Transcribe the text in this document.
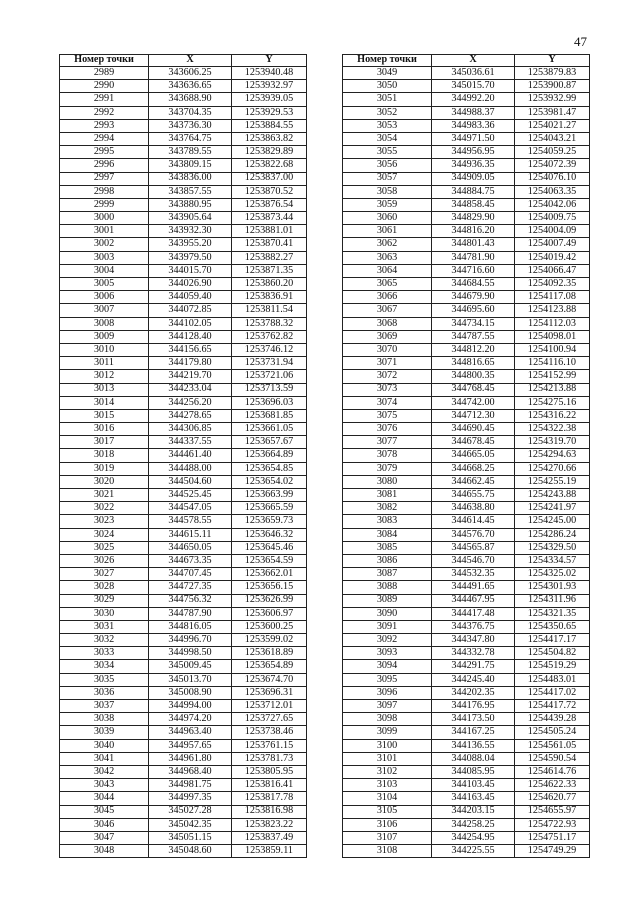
47
Номер точки	X	Y
2989	343606.25	1253940.48
2990	343636.65	1253932.97
2991	343688.90	1253939.05
2992	343704.35	1253929.53
2993	343736.30	1253884.55
2994	343764.75	1253863.82
2995	343789.55	1253829.89
2996	343809.15	1253822.68
2997	343836.00	1253837.00
2998	343857.55	1253870.52
2999	343880.95	1253876.54
3000	343905.64	1253873.44
3001	343932.30	1253881.01
3002	343955.20	1253870.41
3003	343979.50	1253882.27
3004	344015.70	1253871.35
3005	344026.90	1253860.20
3006	344059.40	1253836.91
3007	344072.85	1253811.54
3008	344102.05	1253788.32
3009	344128.40	1253762.82
3010	344156.65	1253746.12
3011	344179.80	1253731.94
3012	344219.70	1253721.06
3013	344233.04	1253713.59
3014	344256.20	1253696.03
3015	344278.65	1253681.85
3016	344306.85	1253661.05
3017	344337.55	1253657.67
3018	344461.40	1253664.89
3019	344488.00	1253654.85
3020	344504.60	1253654.02
3021	344525.45	1253663.99
3022	344547.05	1253665.59
3023	344578.55	1253659.73
3024	344615.11	1253646.32
3025	344650.05	1253645.46
3026	344673.35	1253654.59
3027	344707.45	1253662.01
3028	344727.35	1253656.15
3029	344756.32	1253626.99
3030	344787.90	1253606.97
3031	344816.05	1253600.25
3032	344996.70	1253599.02
3033	344998.50	1253618.89
3034	345009.45	1253654.89
3035	345013.70	1253674.70
3036	345008.90	1253696.31
3037	344994.00	1253712.01
3038	344974.20	1253727.65
3039	344963.40	1253738.46
3040	344957.65	1253761.15
3041	344961.80	1253781.73
3042	344968.40	1253805.95
3043	344981.75	1253816.41
3044	344997.35	1253817.78
3045	345027.28	1253816.98
3046	345042.35	1253823.22
3047	345051.15	1253837.49
3048	345048.60	1253859.11
Номер точки	X	Y
3049	345036.61	1253879.83
3050	345015.70	1253900.87
3051	344992.20	1253932.99
3052	344988.37	1253981.47
3053	344983.36	1254021.27
3054	344971.50	1254043.21
3055	344956.95	1254059.25
3056	344936.35	1254072.39
3057	344909.05	1254076.10
3058	344884.75	1254063.35
3059	344858.45	1254042.06
3060	344829.90	1254009.75
3061	344816.20	1254004.09
3062	344801.43	1254007.49
3063	344781.90	1254019.42
3064	344716.60	1254066.47
3065	344684.55	1254092.35
3066	344679.90	1254117.08
3067	344695.60	1254123.88
3068	344734.15	1254112.03
3069	344787.55	1254098.01
3070	344812.20	1254100.94
3071	344816.65	1254116.10
3072	344800.35	1254152.99
3073	344768.45	1254213.88
3074	344742.00	1254275.16
3075	344712.30	1254316.22
3076	344690.45	1254322.38
3077	344678.45	1254319.70
3078	344665.05	1254294.63
3079	344668.25	1254270.66
3080	344662.45	1254255.19
3081	344655.75	1254243.88
3082	344638.80	1254241.97
3083	344614.45	1254245.00
3084	344576.70	1254286.24
3085	344565.87	1254329.50
3086	344546.70	1254334.57
3087	344532.35	1254325.02
3088	344491.65	1254301.93
3089	344467.95	1254311.96
3090	344417.48	1254321.35
3091	344376.75	1254350.65
3092	344347.80	1254417.17
3093	344332.78	1254504.82
3094	344291.75	1254519.29
3095	344245.40	1254483.01
3096	344202.35	1254417.02
3097	344176.95	1254417.72
3098	344173.50	1254439.28
3099	344167.25	1254505.24
3100	344136.55	1254561.05
3101	344088.04	1254590.54
3102	344085.95	1254614.76
3103	344103.45	1254622.33
3104	344163.45	1254620.77
3105	344203.15	1254655.97
3106	344258.25	1254722.93
3107	344254.95	1254751.17
3108	344225.55	1254749.29
